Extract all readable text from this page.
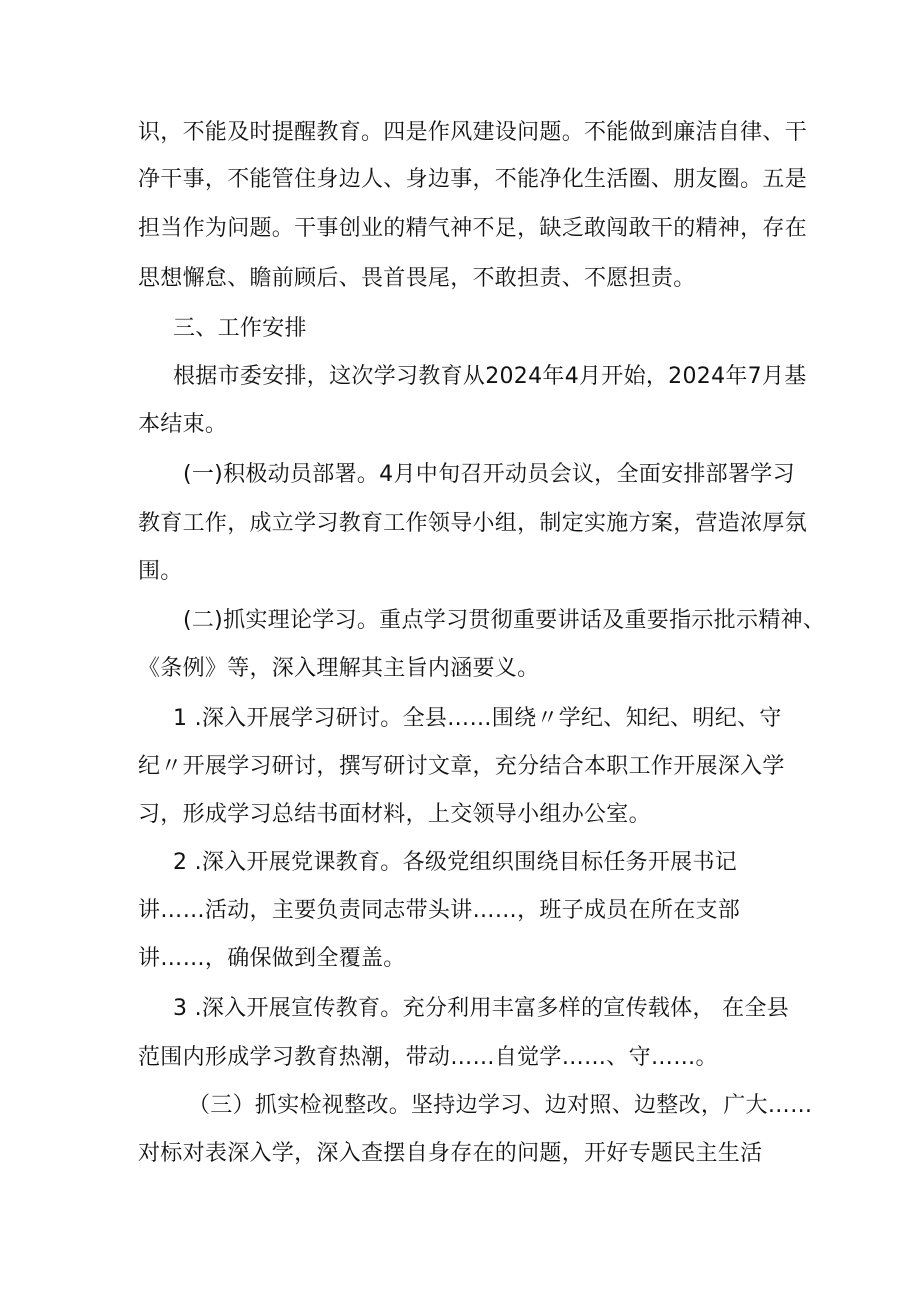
识，不能及时提醒教育。四是作风建设问题。不能做到廉洁自律、干
净干事，不能管住身边人、身边事，不能净化生活圈、朋友圈。五是
担当作为问题。干事创业的精气神不足，缺乏敢闯敢干的精神，存在
思想懈怠、瞻前顾后、畏首畏尾，不敢担责、不愿担责。
三、工作安排
根据市委安排，这次学习教育从2024年4月开始，2024年7月基
本结束。
(一)积极动员部署。4月中旬召开动员会议，全面安排部署学习
教育工作，成立学习教育工作领导小组，制定实施方案，营造浓厚氛
围。
(二)抓实理论学习。重点学习贯彻重要讲话及重要指示批示精神、
《条例》等，深入理解其主旨内涵要义。
1 .深入开展学习研讨。全县……围绕〃学纪、知纪、明纪、守
纪〃开展学习研讨，撰写研讨文章，充分结合本职工作开展深入学
习，形成学习总结书面材料，上交领导小组办公室。
2 .深入开展党课教育。各级党组织围绕目标任务开展书记
讲……活动，主要负责同志带头讲……，班子成员在所在支部
讲……，确保做到全覆盖。
3 .深入开展宣传教育。充分利用丰富多样的宣传载体， 在全县
范围内形成学习教育热潮，带动……自觉学……、守……。
（三）抓实检视整改。坚持边学习、边对照、边整改，广大……
对标对表深入学，深入查摆自身存在的问题，开好专题民主生活
